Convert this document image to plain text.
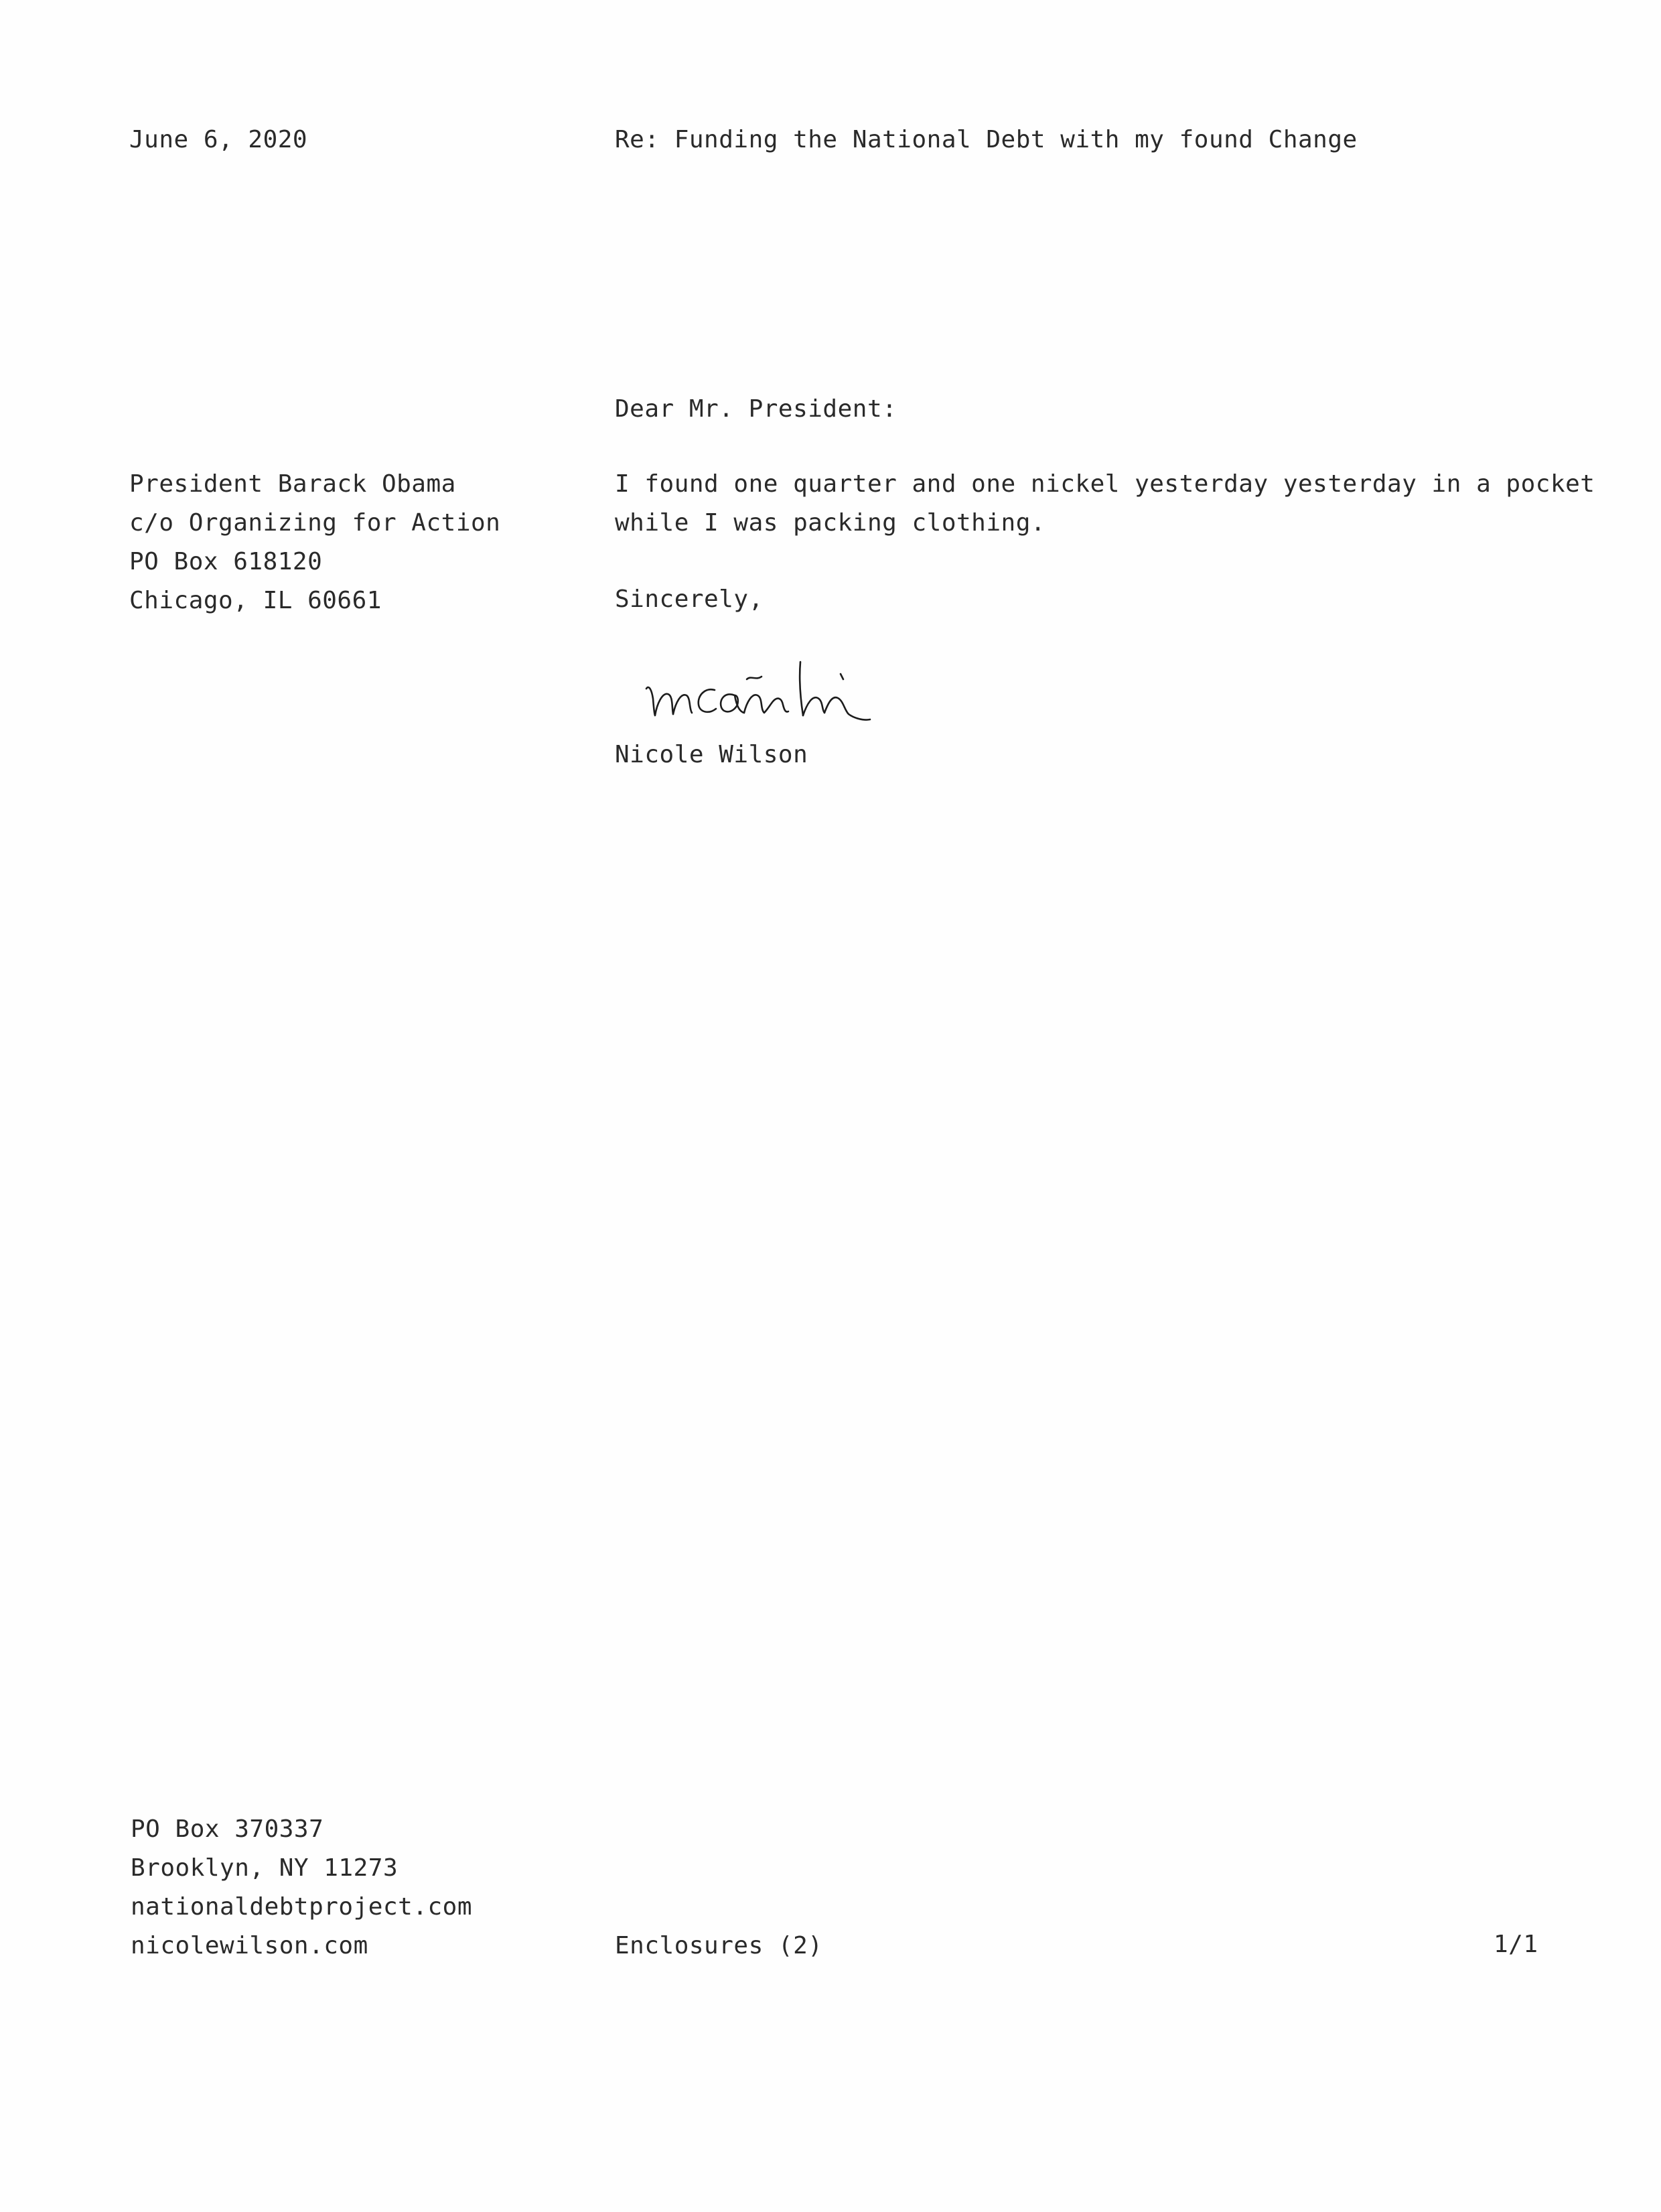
June 6, 2020	Re: Funding the National Debt with my found Change
Dear Mr. President:
President Barack Obama
c/o Organizing for Action
PO Box 618120
Chicago, IL 60661
I found one quarter and one nickel yesterday yesterday in a pocket
while I was packing clothing.
Sincerely,
Nicole Wilson
PO Box 370337
Brooklyn, NY 11273
nationaldebtproject.com
nicolewilson.com	Enclosures (2)	1/1
